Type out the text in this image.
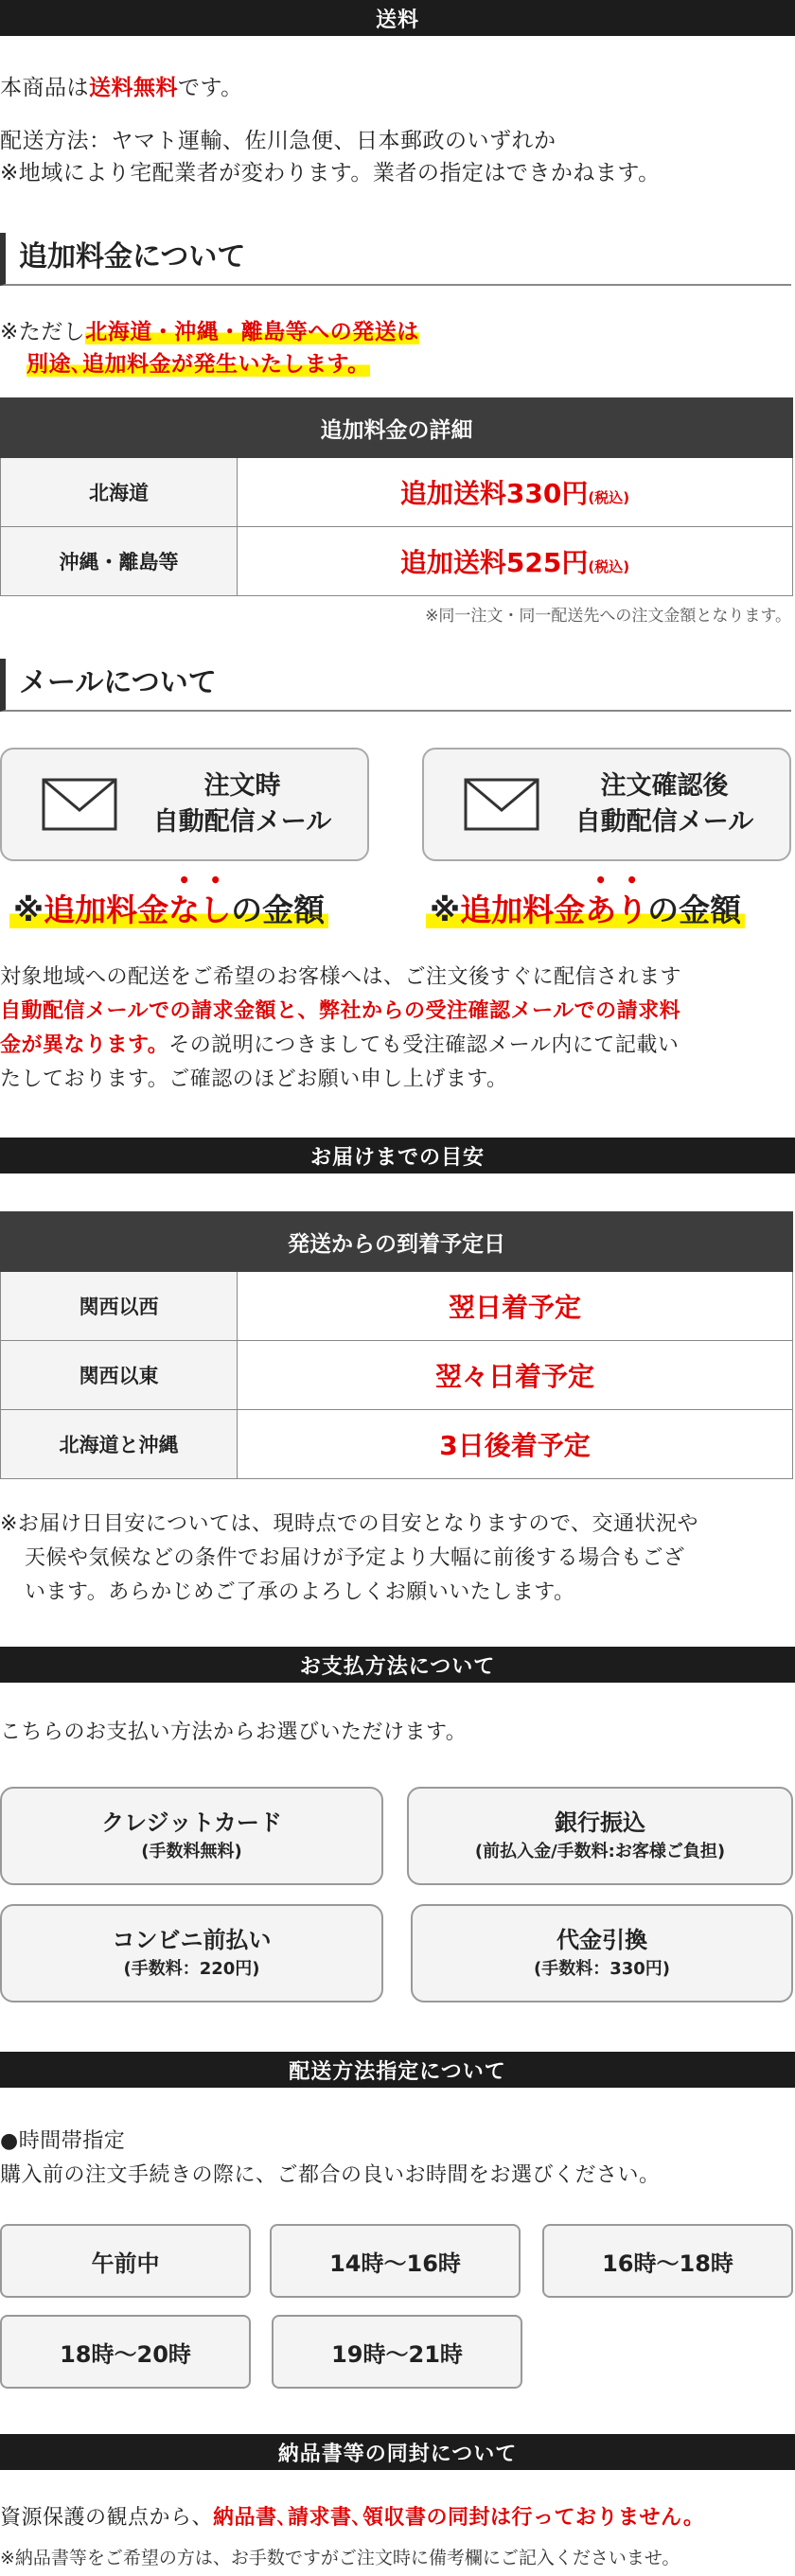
送料
本商品は送料無料です。
配送方法：ヤマト運輸、佐川急便、日本郵政のいずれか
※地域により宅配業者が変わります。業者の指定はできかねます。
追加料金について
※ただし北海道・沖縄・離島等への発送は
別途､追加料金が発生いたします。
追加料金の詳細	
北海道	追加送料330円(税込)
沖縄・離島等	追加送料525円(税込)
※同一注文・同一配送先への注文金額となります。
メールについて
注文時
自動配信メール
注文確認後
自動配信メール
※追加料金なしの金額	※追加料金ありの金額
対象地域への配送をご希望のお客様へは、ご注文後すぐに配信されます
自動配信メールでの請求金額と、弊社からの受注確認メールでの請求料
金が異なります。その説明につきましても受注確認メール内にて記載い
たしております。ご確認のほどお願い申し上げます。
お届けまでの目安
発送からの到着予定日	
関西以西	翌日着予定
関西以東	翌々日着予定
北海道と沖縄	3日後着予定
※お届け日目安については、現時点での目安となりますので、交通状況や
天候や気候などの条件でお届けが予定より大幅に前後する場合もござ
います。あらかじめご了承のよろしくお願いいたします。
お支払方法について
こちらのお支払い方法からお選びいただけます。
クレジットカード
(手数料無料)
銀行振込
(前払入金/手数料:お客様ご負担)
コンビニ前払い
(手数料：220円)
代金引換
(手数料：330円)
配送方法指定について
●時間帯指定
購入前の注文手続きの際に、ご都合の良いお時間をお選びください。
午前中	14時～16時	16時～18時
18時～20時	19時～21時
納品書等の同封について
資源保護の観点から、納品書､請求書､領収書の同封は行っておりません。
※納品書等をご希望の方は、お手数ですがご注文時に備考欄にご記入くださいませ。
